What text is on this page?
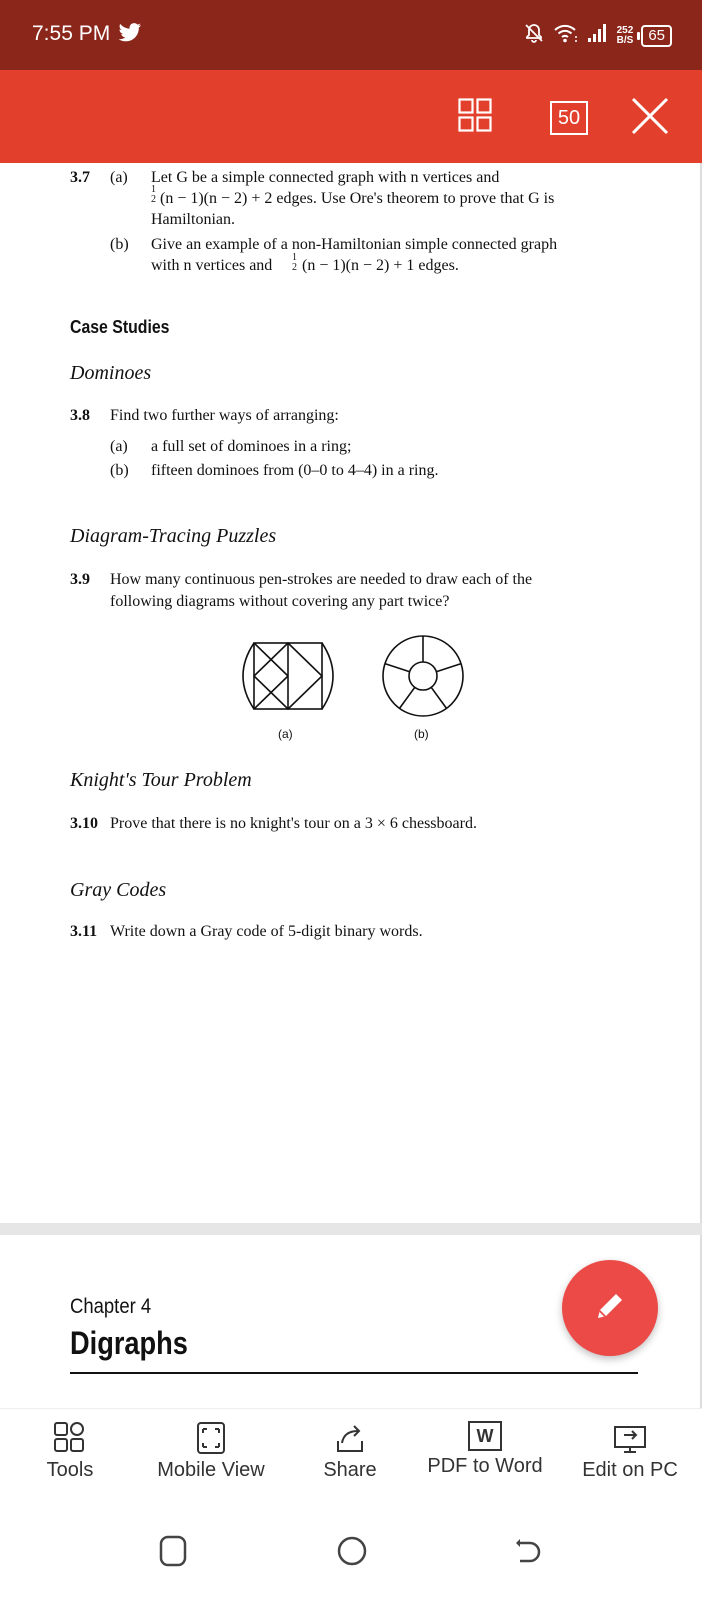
7:55 PM	252
B/S	65
50
3.7 (a) Let G be a simple connected graph with n vertices and
1
2 (n − 1)(n − 2) + 2 edges. Use Ore's theorem to prove that G is
Hamiltonian.
(b) Give an example of a non-Hamiltonian simple connected graph
with n vertices and 1
2 (n − 1)(n − 2) + 1 edges.
Case Studies
Dominoes
3.8 Find two further ways of arranging:
(a) a full set of dominoes in a ring;
(b) fifteen dominoes from (0–0 to 4–4) in a ring.
Diagram-Tracing Puzzles
3.9 How many continuous pen-strokes are needed to draw each of the
following diagrams without covering any part twice?
(a)	(b)
Knight's Tour Problem
3.10 Prove that there is no knight's tour on a 3 × 6 chessboard.
Gray Codes
3.11 Write down a Gray code of 5-digit binary words.
Chapter 4
Digraphs
Tools	Mobile View	Share
W
PDF to Word	Edit on PC
